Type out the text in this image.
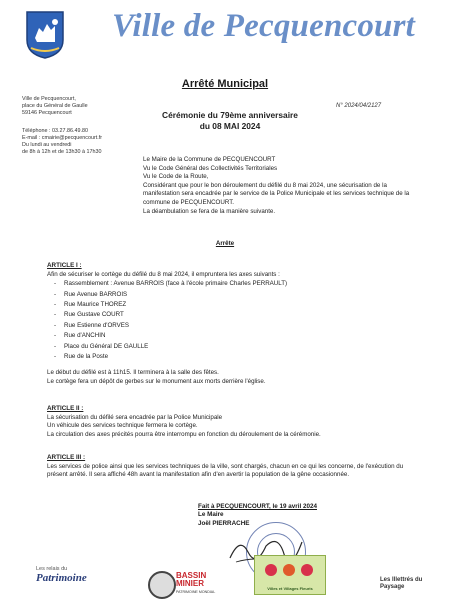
Ville de Pecquencourt
Arrêté Municipal
Ville de Pecquencourt,
place du Général de Gaulle
59146 Pecquencourt
Téléphone : 03.27.86.49.80
E-mail : cmairie@pecquencourt.fr
Du lundi au vendredi
de 8h à 12h et de 13h30 à 17h30
N° 2024/04/2127
Cérémonie du 79ème anniversaire
du 08 MAI 2024
Le Maire de la Commune de PECQUENCOURT
Vu le Code Général des Collectivités Territoriales
Vu le Code de la Route,
Considérant que pour le bon déroulement du défilé du 8 mai 2024, une sécurisation de la manifestation sera encadrée par le service de la Police Municipale et les services technique de la commune de PECQUENCOURT.
La déambulation se fera de la manière suivante.
Arrête
ARTICLE I :
Afin de sécuriser le cortège du défilé du 8 mai 2024, il empruntera les axes suivants :
- Rassemblement : Avenue BARROIS (face à l'école primaire Charles PERRAULT)
- Rue Avenue BARROIS
- Rue Maurice THOREZ
- Rue Gustave COURT
- Rue Estienne d'ORVES
- Rue d'ANCHIN
- Place du Général DE GAULLE
- Rue de la Poste
Le début du défilé est à 11h15. Il terminera à la salle des fêtes.
Le cortège fera un dépôt de gerbes sur le monument aux morts derrière l'église.
ARTICLE II :
La sécurisation du défilé sera encadrée par la Police Municipale
Un véhicule des services technique fermera le cortège.
La circulation des axes précités pourra être interrompu en fonction du déroulement de la cérémonie.
ARTICLE III :
Les services de police ainsi que les services techniques de la ville, sont chargés, chacun en ce qui les concerne, de l'exécution du présent arrêté. Il sera affiché 48h avant la manifestation afin d'en avertir la population de la gêne occasionnée.
Fait à PECQUENCOURT, le 19 avril 2024
Le Maire
Joël PIERRACHE
Les relais du
Patrimoine	BASSIN MINIER
PATRIMOINE MONDIAL
Villes et Villages Fleuris
Les Illettrés du Paysage
